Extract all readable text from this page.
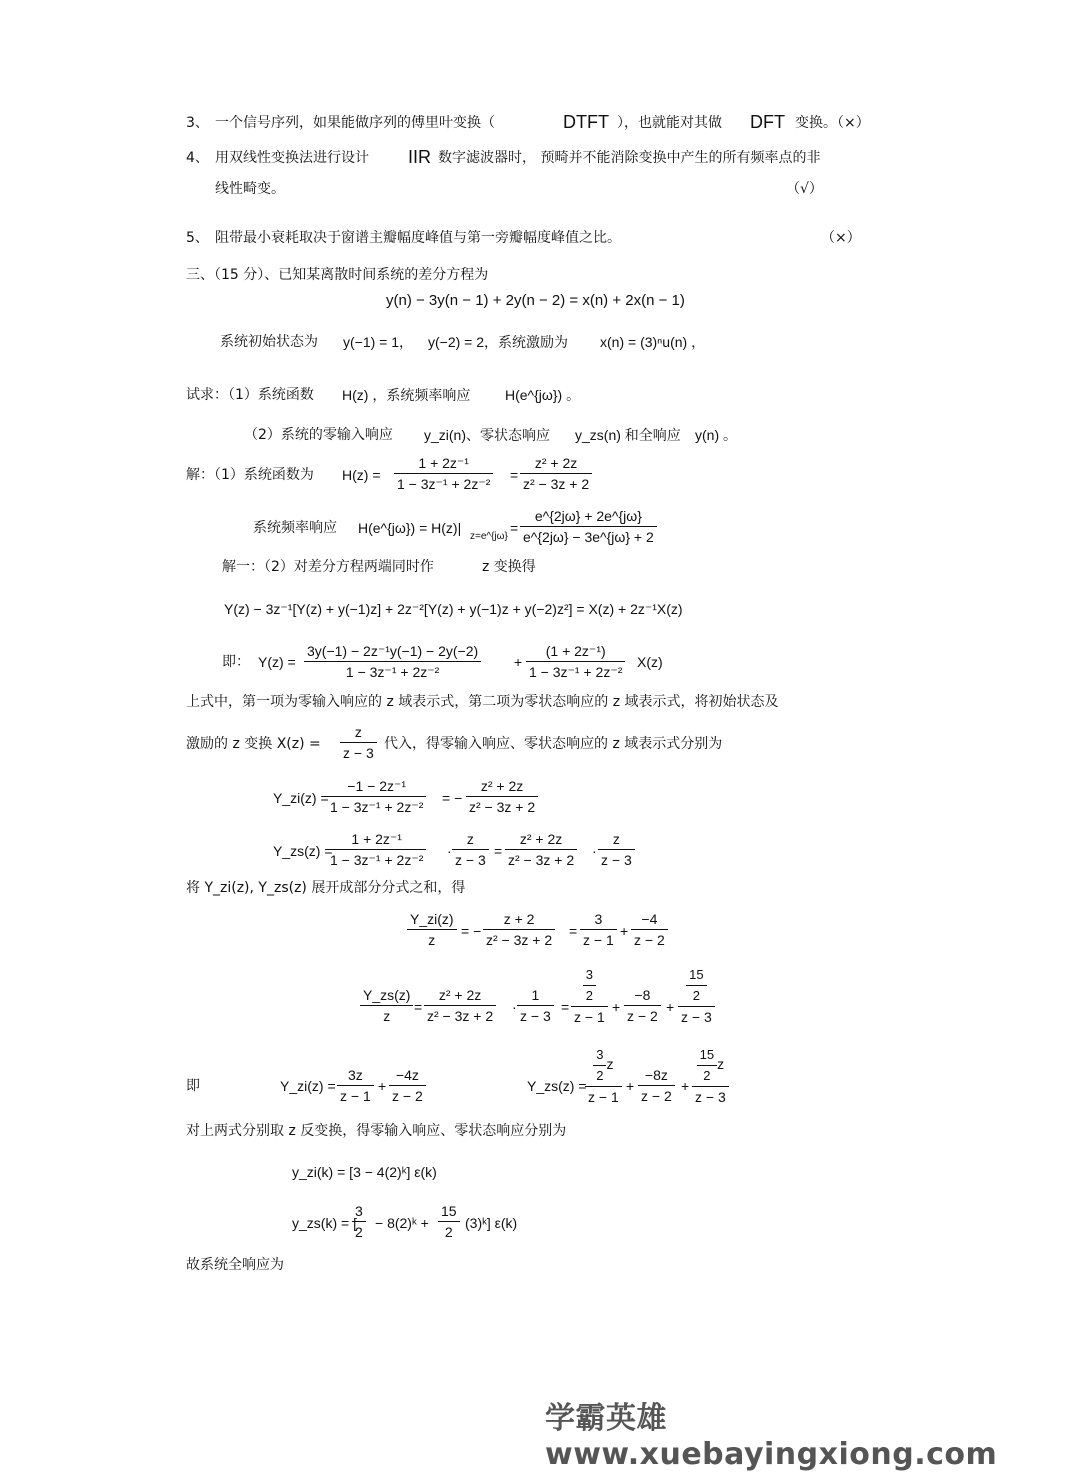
3、 一个信号序列，如果能做序列的傅里叶变换（	DTFT ），也就能对其做 DFT 变换。（×）
4、 用双线性变换法进行设计 IIR 数字滤波器时， 预畸并不能消除变换中产生的所有频率点的非
线性畸变。	（√）
5、 阻带最小衰耗取决于窗谱主瓣幅度峰值与第一旁瓣幅度峰值之比。	（×）
三、（15 分）、已知某离散时间系统的差分方程为
y(n) − 3y(n − 1) + 2y(n − 2) = x(n) + 2x(n − 1)
系统初始状态为 y(−1) = 1， y(−2) = 2，系统激励为 x(n) = (3)ⁿu(n) ，
试求：（1）系统函数 H(z) ，系统频率响应 H(e^{jω}) 。
（2）系统的零输入响应 y_zi(n)、零状态响应 y_zs(n) 和全响应 y(n) 。
解：（1）系统函数为 $H(z) = \frac{\text{1 + 2z⁻¹}}{\text{1 − 3z⁻¹ + 2z⁻²}} = \frac{\text{z² + 2z}}{\text{z² − 3z + 2}}$
系统频率响应 H(e^{jω}) = H(z)|
z=e^{jω}
= $\frac{e\^{}\{2j\omega\} + 2e\^{}\{j\omega\}}{e\^{}\{2j\omega\} - 3e\^{}\{j\omega\} + 2}$
解一：（2）对差分方程两端同时作	z 变换得
Y(z) − 3z⁻¹[Y(z) + y(−1)z] + 2z⁻²[Y(z) + y(−1)z + y(−2)z²] = X(z) + 2z⁻¹X(z)
即： $Y(z) = \frac{\text{3y(−1) − 2z⁻¹y(−1) − 2y(−2)}}{\text{1 − 3z⁻¹ + 2z⁻²}} + \frac{\text{(1 + 2z⁻¹)}}{\text{1 − 3z⁻¹ + 2z⁻²}} X(z)$
上式中，第一项为零输入响应的 z 域表示式，第二项为零状态响应的 z 域表示式，将初始状态及
激励的 z 变换 $X(z) = \frac{z}{z - 3}$ 代入，得零输入响应、零状态响应的 z 域表示式分别为
Y_zi(z) =
$\frac{\text{−1 − 2z⁻¹}}{\text{1 − 3z⁻¹ + 2z⁻²}}$ = − $\frac{\text{z² + 2z}}{\text{z² − 3z + 2}}$
Y_zs(z) =
$\frac{\text{1 + 2z⁻¹}}{\text{1 − 3z⁻¹ + 2z⁻²}} \cdot \frac{z}{z - 3} = \frac{\text{z² + 2z}}{\text{z² − 3z + 2}} \cdot \frac{z}{z - 3}$
将 Y_zi(z), Y_zs(z) 展开成部分分式之和，得
$\frac{Y\_zi(z)}{z}$ = − $\frac{z + 2}{\text{z² − 3z + 2}} = \frac{3}{z - 1} + \frac{-4}{z - 2}$
$\frac{Y\_zs(z)}{z} = \frac{\text{z² + 2z}}{\text{z² − 3z + 2}} \cdot \frac{1}{z - 3} = \frac{\frac{3}{2}}{z - 1} + \frac{-8}{z - 2} + \frac{\frac{15}{2}}{z - 3}$
即	Y_zi(z) = $\frac{3z}{z - 1} + \frac{-4z}{z - 2}$	Y_zs(z) =
$\frac{\frac{3}{2} z}{z - 1} + \frac{-8z}{z - 2} + \frac{\frac{15}{2} z}{z - 3}$
对上两式分别取 z 反变换，得零输入响应、零状态响应分别为
y_zi(k) = [3 − 4(2)ᵏ] ε(k)
y_zs(k) = [
$\frac{3}{2}$ − 8(2)ᵏ + $\frac{15}{2}$ (3)ᵏ] ε(k)
故系统全响应为
学霸英雄 www.xuebayingxiong.com
